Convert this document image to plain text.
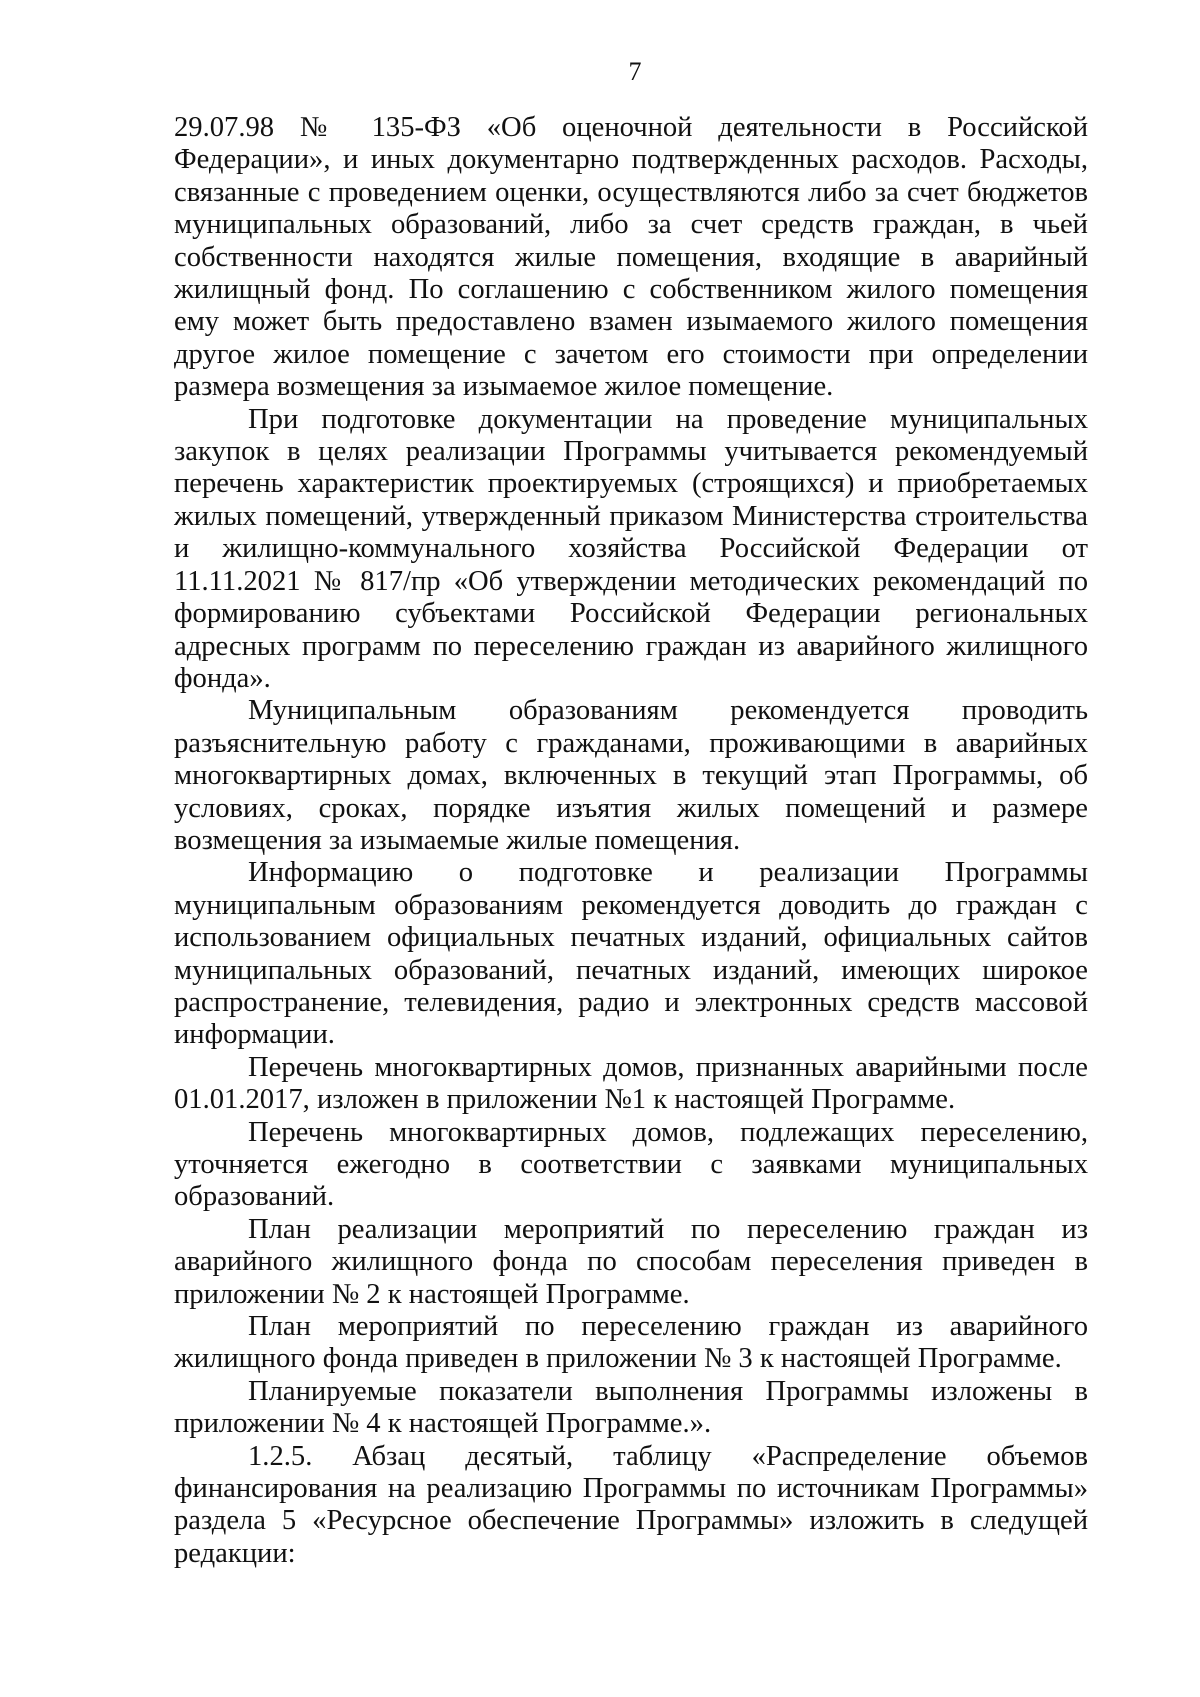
7

29.07.98 № 135-ФЗ «Об оценочной деятельности в Российской Федерации», и иных документарно подтвержденных расходов. Расходы, связанные с проведением оценки, осуществляются либо за счет бюджетов муниципальных образований, либо за счет средств граждан, в чьей собственности находятся жилые помещения, входящие в аварийный жилищный фонд. По соглашению с собственником жилого помещения ему может быть предоставлено взамен изымаемого жилого помещения другое жилое помещение с зачетом его стоимости при определении размера возмещения за изымаемое жилое помещение.

При подготовке документации на проведение муниципальных закупок в целях реализации Программы учитывается рекомендуемый перечень характеристик проектируемых (строящихся) и приобретаемых жилых помещений, утвержденный приказом Министерства строительства и жилищно-коммунального хозяйства Российской Федерации от 11.11.2021 № 817/пр «Об утверждении методических рекомендаций по формированию субъектами Российской Федерации региональных адресных программ по переселению граждан из аварийного жилищного фонда».

Муниципальным образованиям рекомендуется проводить разъяснительную работу с гражданами, проживающими в аварийных многоквартирных домах, включенных в текущий этап Программы, об условиях, сроках, порядке изъятия жилых помещений и размере возмещения за изымаемые жилые помещения.

Информацию о подготовке и реализации Программы муниципальным образованиям рекомендуется доводить до граждан с использованием официальных печатных изданий, официальных сайтов муниципальных образований, печатных изданий, имеющих широкое распространение, телевидения, радио и электронных средств массовой информации.

Перечень многоквартирных домов, признанных аварийными после 01.01.2017, изложен в приложении №1 к настоящей Программе.

Перечень многоквартирных домов, подлежащих переселению, уточняется ежегодно в соответствии с заявками муниципальных образований.

План реализации мероприятий по переселению граждан из аварийного жилищного фонда по способам переселения приведен в приложении № 2 к настоящей Программе.

План мероприятий по переселению граждан из аварийного жилищного фонда приведен в приложении № 3 к настоящей Программе.

Планируемые показатели выполнения Программы изложены в приложении № 4 к настоящей Программе.».

1.2.5. Абзац десятый, таблицу «Распределение объемов финансирования на реализацию Программы по источникам Программы» раздела 5 «Ресурсное обеспечение Программы» изложить в следущей редакции:
